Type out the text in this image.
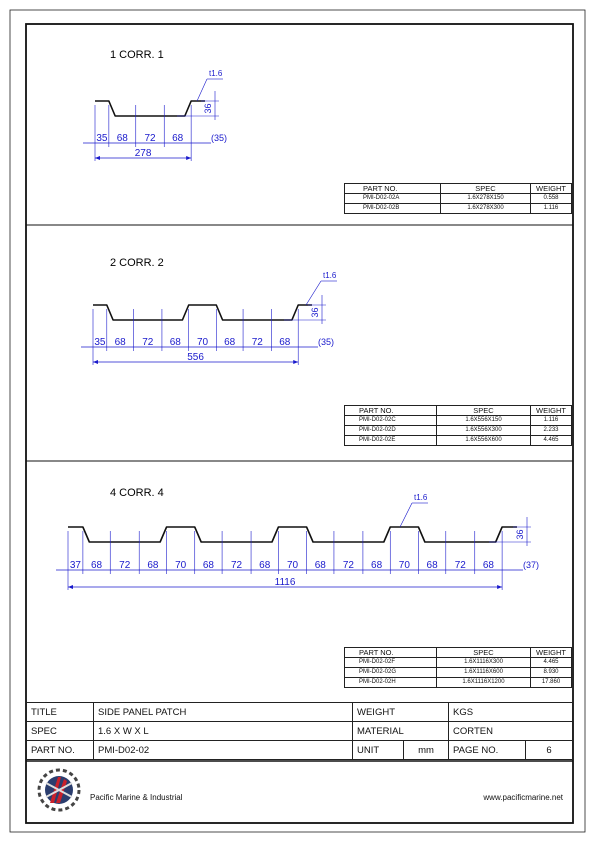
1 CORR. 1
35 68 72 68	(35)
278
36
t1.6
2 CORR. 2
35 68 72 68 70 68 72 68	(35)
556
36
t1.6
4 CORR. 4
37 68 72 68 70 68 72 68 70 68 72 68 70 68 72 68	(37)
1116
36
t1.6
PART NO.	SPEC	WEIGHT
PMI-D02-02A	1.6X278X150	0.558
PMI-D02-02B	1.6X278X300	1.116
PART NO.	SPEC	WEIGHT
PMI-D02-02C	1.6X556X150	1.116
PMI-D02-02D	1.6X556X300	2.233
PMI-D02-02E	1.6X556X600	4.465
PART NO.	SPEC	WEIGHT
PMI-D02-02F	1.6X1116X300	4.465
PMI-D02-02G	1.6X1116X600	8.930
PMI-D02-02H	1.6X1116X1200	17.860
TITLE	SIDE PANEL PATCH	WEIGHT		KGS	
SPEC	1.6 X W X L	MATERIAL		CORTEN	
PART NO.	PMI-D02-02	UNIT	mm	PAGE NO.	6
Pacific Marine & Industrial	www.pacificmarine.net
